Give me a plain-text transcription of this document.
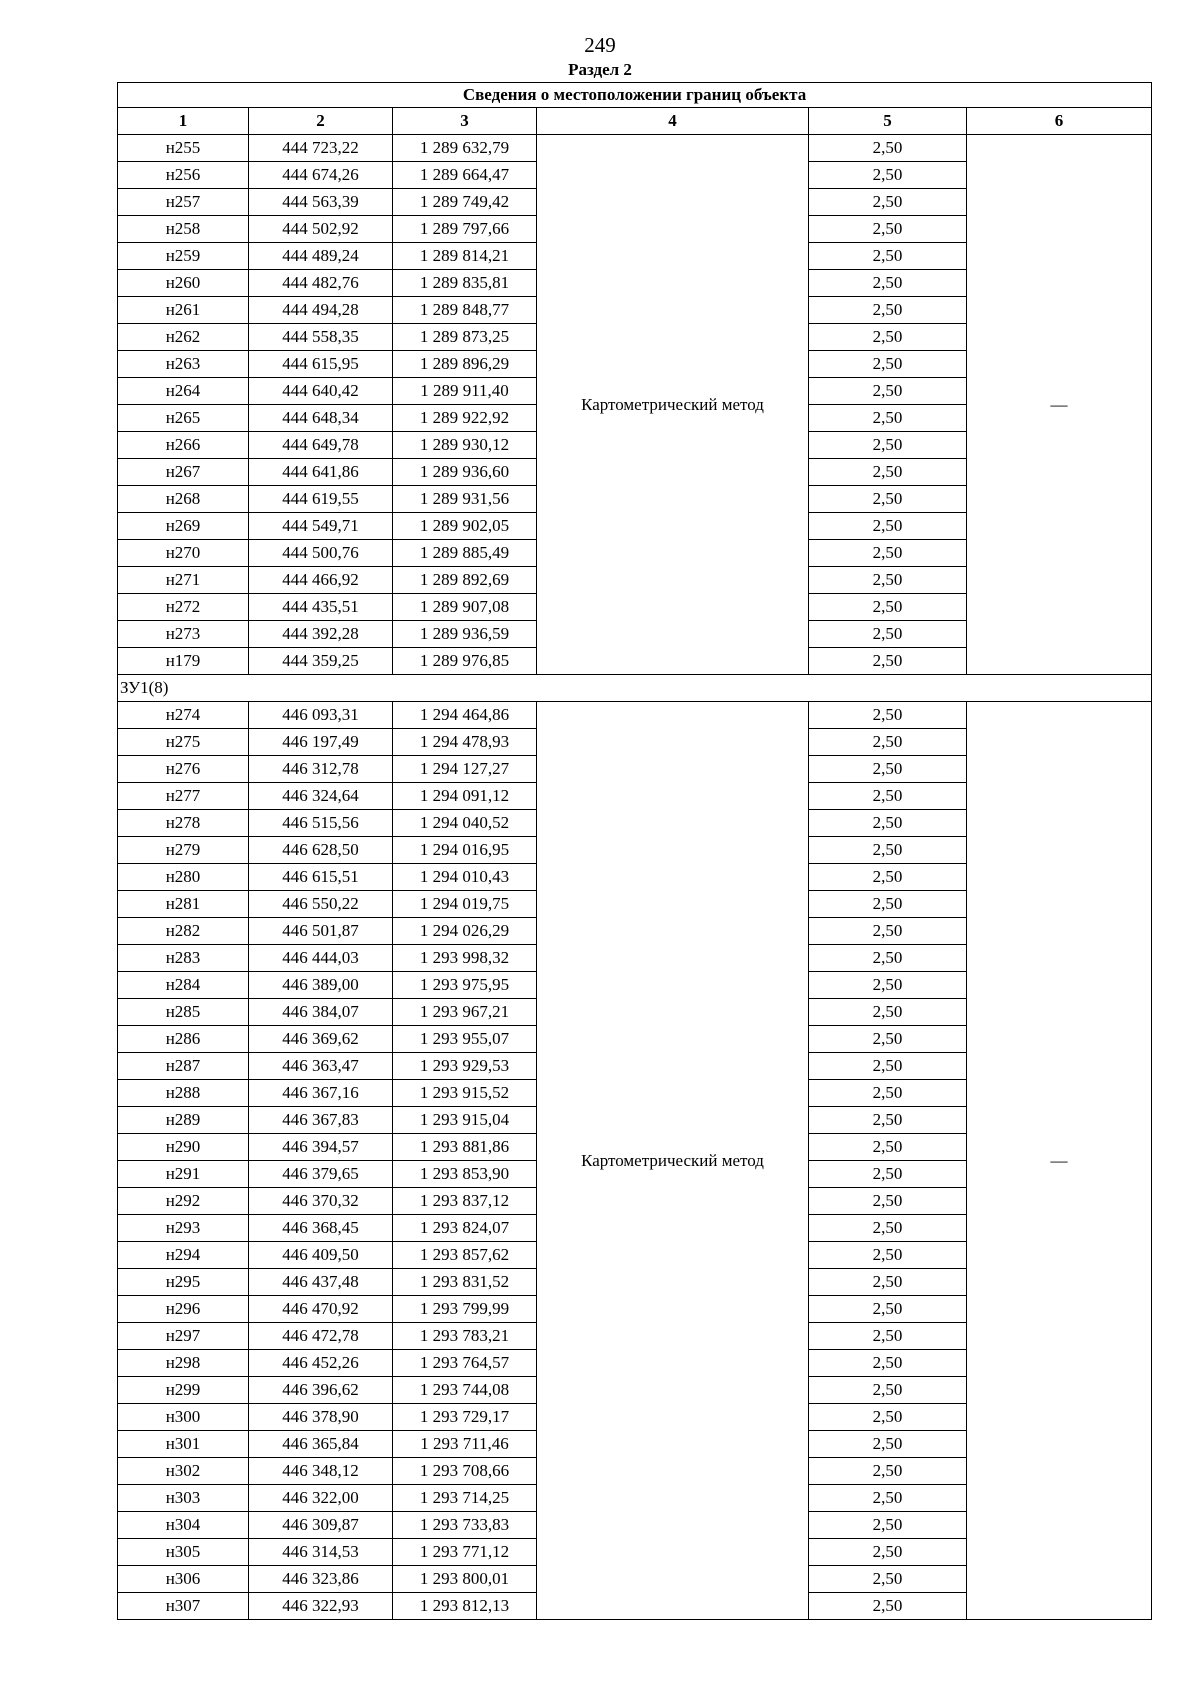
249
Раздел 2
Сведения о местоположении границ объекта					
1	2	3	4	5	6
н255	444 723,22	1 289 632,79	Картометрический метод	2,50	—
н256	444 674,26	1 289 664,47		2,50	
н257	444 563,39	1 289 749,42		2,50	
н258	444 502,92	1 289 797,66		2,50	
н259	444 489,24	1 289 814,21		2,50	
н260	444 482,76	1 289 835,81		2,50	
н261	444 494,28	1 289 848,77		2,50	
н262	444 558,35	1 289 873,25		2,50	
н263	444 615,95	1 289 896,29		2,50	
н264	444 640,42	1 289 911,40		2,50	
н265	444 648,34	1 289 922,92		2,50	
н266	444 649,78	1 289 930,12		2,50	
н267	444 641,86	1 289 936,60		2,50	
н268	444 619,55	1 289 931,56		2,50	
н269	444 549,71	1 289 902,05		2,50	
н270	444 500,76	1 289 885,49		2,50	
н271	444 466,92	1 289 892,69		2,50	
н272	444 435,51	1 289 907,08		2,50	
н273	444 392,28	1 289 936,59		2,50	
н179	444 359,25	1 289 976,85		2,50	
ЗУ1(8)					
н274	446 093,31	1 294 464,86	Картометрический метод	2,50	—
н275	446 197,49	1 294 478,93		2,50	
н276	446 312,78	1 294 127,27		2,50	
н277	446 324,64	1 294 091,12		2,50	
н278	446 515,56	1 294 040,52		2,50	
н279	446 628,50	1 294 016,95		2,50	
н280	446 615,51	1 294 010,43		2,50	
н281	446 550,22	1 294 019,75		2,50	
н282	446 501,87	1 294 026,29		2,50	
н283	446 444,03	1 293 998,32		2,50	
н284	446 389,00	1 293 975,95		2,50	
н285	446 384,07	1 293 967,21		2,50	
н286	446 369,62	1 293 955,07		2,50	
н287	446 363,47	1 293 929,53		2,50	
н288	446 367,16	1 293 915,52		2,50	
н289	446 367,83	1 293 915,04		2,50	
н290	446 394,57	1 293 881,86		2,50	
н291	446 379,65	1 293 853,90		2,50	
н292	446 370,32	1 293 837,12		2,50	
н293	446 368,45	1 293 824,07		2,50	
н294	446 409,50	1 293 857,62		2,50	
н295	446 437,48	1 293 831,52		2,50	
н296	446 470,92	1 293 799,99		2,50	
н297	446 472,78	1 293 783,21		2,50	
н298	446 452,26	1 293 764,57		2,50	
н299	446 396,62	1 293 744,08		2,50	
н300	446 378,90	1 293 729,17		2,50	
н301	446 365,84	1 293 711,46		2,50	
н302	446 348,12	1 293 708,66		2,50	
н303	446 322,00	1 293 714,25		2,50	
н304	446 309,87	1 293 733,83		2,50	
н305	446 314,53	1 293 771,12		2,50	
н306	446 323,86	1 293 800,01		2,50	
н307	446 322,93	1 293 812,13		2,50	
